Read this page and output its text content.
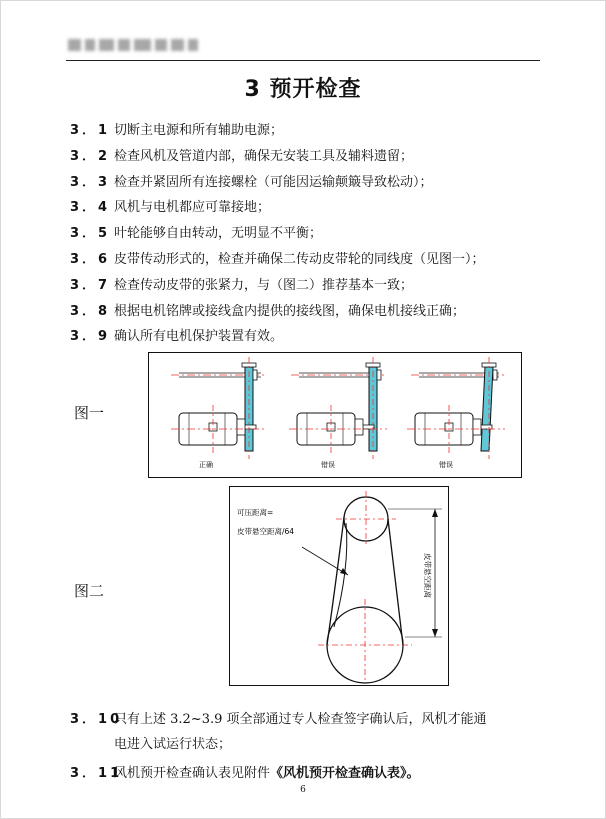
3 预开检查
3．1 切断主电源和所有辅助电源；
3．2 检查风机及管道内部，确保无安装工具及辅料遗留；
3．3 检查并紧固所有连接螺栓（可能因运输颠簸导致松动）；
3．4 风机与电机都应可靠接地；
3．5 叶轮能够自由转动，无明显不平衡；
3．6 皮带传动形式的，检查并确保二传动皮带轮的同线度（见图一）；
3．7 检查传动皮带的张紧力，与（图二）推荐基本一致；
3．8 根据电机铭牌或接线盒内提供的接线图，确保电机接线正确；
3．9 确认所有电机保护装置有效。
图一
正确	错误	错误
图二
可压距离=
皮带悬空距离/64
皮带悬空距离
3．10
只有上述 3.2~3.9 项全部通过专人检查签字确认后，风机才能通
电进入试运行状态；
3．11
风机预开检查确认表见附件《风机预开检查确认表》。
6
